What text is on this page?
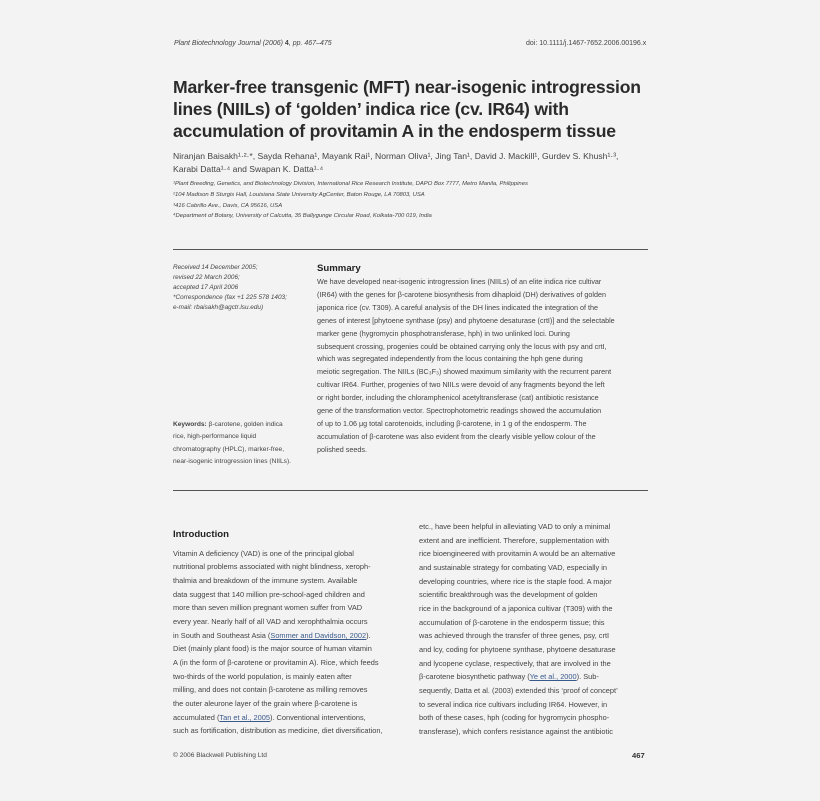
Plant Biotechnology Journal (2006) 4, pp. 467–475	doi: 10.1111/j.1467-7652.2006.00196.x
Marker-free transgenic (MFT) near-isogenic introgression
lines (NIILs) of ‘golden’ indica rice (cv. IR64) with
accumulation of provitamin A in the endosperm tissue
Niranjan Baisakh¹·²·*, Sayda Rehana¹, Mayank Rai¹, Norman Oliva¹, Jing Tan¹, David J. Mackill¹, Gurdev S. Khush¹·³,
Karabi Datta¹·⁴ and Swapan K. Datta¹·⁴
¹Plant Breeding, Genetics, and Biotechnology Division, International Rice Research Institute, DAPO Box 7777, Metro Manila, Philippines
²104 Madison B Sturgis Hall, Louisiana State University AgCenter, Baton Rouge, LA 70803, USA
³416 Cabrillo Ave., Davis, CA 95616, USA
⁴Department of Botany, University of Calcutta, 35 Ballygunge Circular Road, Kolkata-700 019, India
Received 14 December 2005;
revised 22 March 2006;
accepted 17 April 2006
*Correspondence (fax +1 225 578 1403;
e-mail: rbaisakh@agctr.lsu.edu)
Keywords: β-carotene, golden indica
rice, high-performance liquid
chromatography (HPLC), marker-free,
near-isogenic introgression lines (NIILs).
Summary
We have developed near-isogenic introgression lines (NIILs) of an elite indica rice cultivar
(IR64) with the genes for β-carotene biosynthesis from dihaploid (DH) derivatives of golden
japonica rice (cv. T309). A careful analysis of the DH lines indicated the integration of the
genes of interest [phytoene synthase (psy) and phytoene desaturase (crtI)] and the selectable
marker gene (hygromycin phosphotransferase, hph) in two unlinked loci. During
subsequent crossing, progenies could be obtained carrying only the locus with psy and crtI,
which was segregated independently from the locus containing the hph gene during
meiotic segregation. The NIILs (BC₃F₃) showed maximum similarity with the recurrent parent
cultivar IR64. Further, progenies of two NIILs were devoid of any fragments beyond the left
or right border, including the chloramphenicol acetyltransferase (cat) antibiotic resistance
gene of the transformation vector. Spectrophotometric readings showed the accumulation
of up to 1.06 μg total carotenoids, including β-carotene, in 1 g of the endosperm. The
accumulation of β-carotene was also evident from the clearly visible yellow colour of the
polished seeds.
Introduction
Vitamin A deficiency (VAD) is one of the principal global
nutritional problems associated with night blindness, xeroph-
thalmia and breakdown of the immune system. Available
data suggest that 140 million pre-school-aged children and
more than seven million pregnant women suffer from VAD
every year. Nearly half of all VAD and xerophthalmia occurs
in South and Southeast Asia (Sommer and Davidson, 2002).
Diet (mainly plant food) is the major source of human vitamin
A (in the form of β-carotene or provitamin A). Rice, which feeds
two-thirds of the world population, is mainly eaten after
milling, and does not contain β-carotene as milling removes
the outer aleurone layer of the grain where β-carotene is
accumulated (Tan et al., 2005). Conventional interventions,
such as fortification, distribution as medicine, diet diversification,
etc., have been helpful in alleviating VAD to only a minimal
extent and are inefficient. Therefore, supplementation with
rice bioengineered with provitamin A would be an alternative
and sustainable strategy for combating VAD, especially in
developing countries, where rice is the staple food. A major
scientific breakthrough was the development of golden
rice in the background of a japonica cultivar (T309) with the
accumulation of β-carotene in the endosperm tissue; this
was achieved through the transfer of three genes, psy, crtI
and lcy, coding for phytoene synthase, phytoene desaturase
and lycopene cyclase, respectively, that are involved in the
β-carotene biosynthetic pathway (Ye et al., 2000). Sub-
sequently, Datta et al. (2003) extended this ‘proof of concept’
to several indica rice cultivars including IR64. However, in
both of these cases, hph (coding for hygromycin phospho-
transferase), which confers resistance against the antibiotic
© 2006 Blackwell Publishing Ltd	467
